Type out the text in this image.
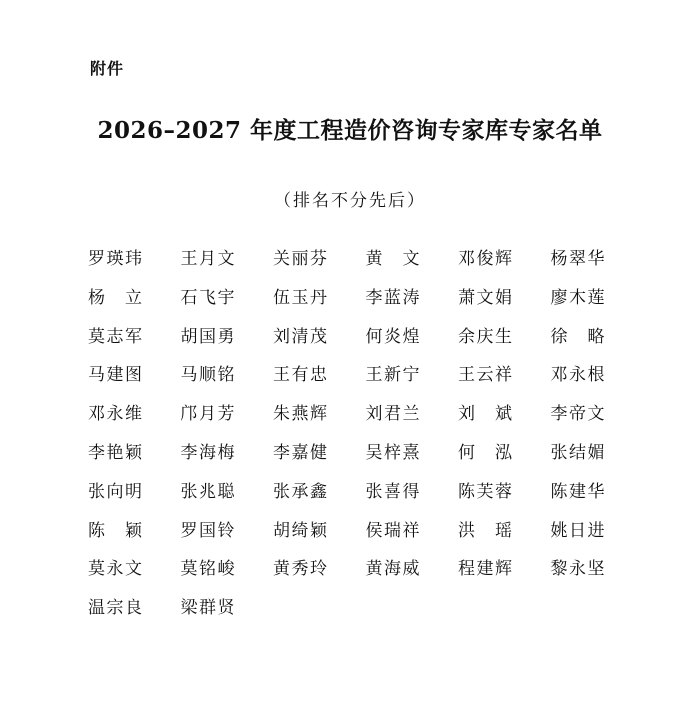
附件
2026–2027 年度工程造价咨询专家库专家名单
（排名不分先后）
罗瑛玮	王月文	关丽芬	黄　文	邓俊辉	杨翠华
杨　立	石飞宇	伍玉丹	李蓝涛	萧文娟	廖木莲
莫志军	胡国勇	刘清茂	何炎煌	余庆生	徐　略
马建图	马顺铭	王有忠	王新宁	王云祥	邓永根
邓永维	邝月芳	朱燕辉	刘君兰	刘　斌	李帝文
李艳颖	李海梅	李嘉健	吴梓熹	何　泓	张结媚
张向明	张兆聪	张承鑫	张喜得	陈芙蓉	陈建华
陈　颖	罗国铃	胡绮颖	侯瑞祥	洪　瑶	姚日进
莫永文	莫铭峻	黄秀玲	黄海威	程建辉	黎永坚
温宗良	梁群贤
